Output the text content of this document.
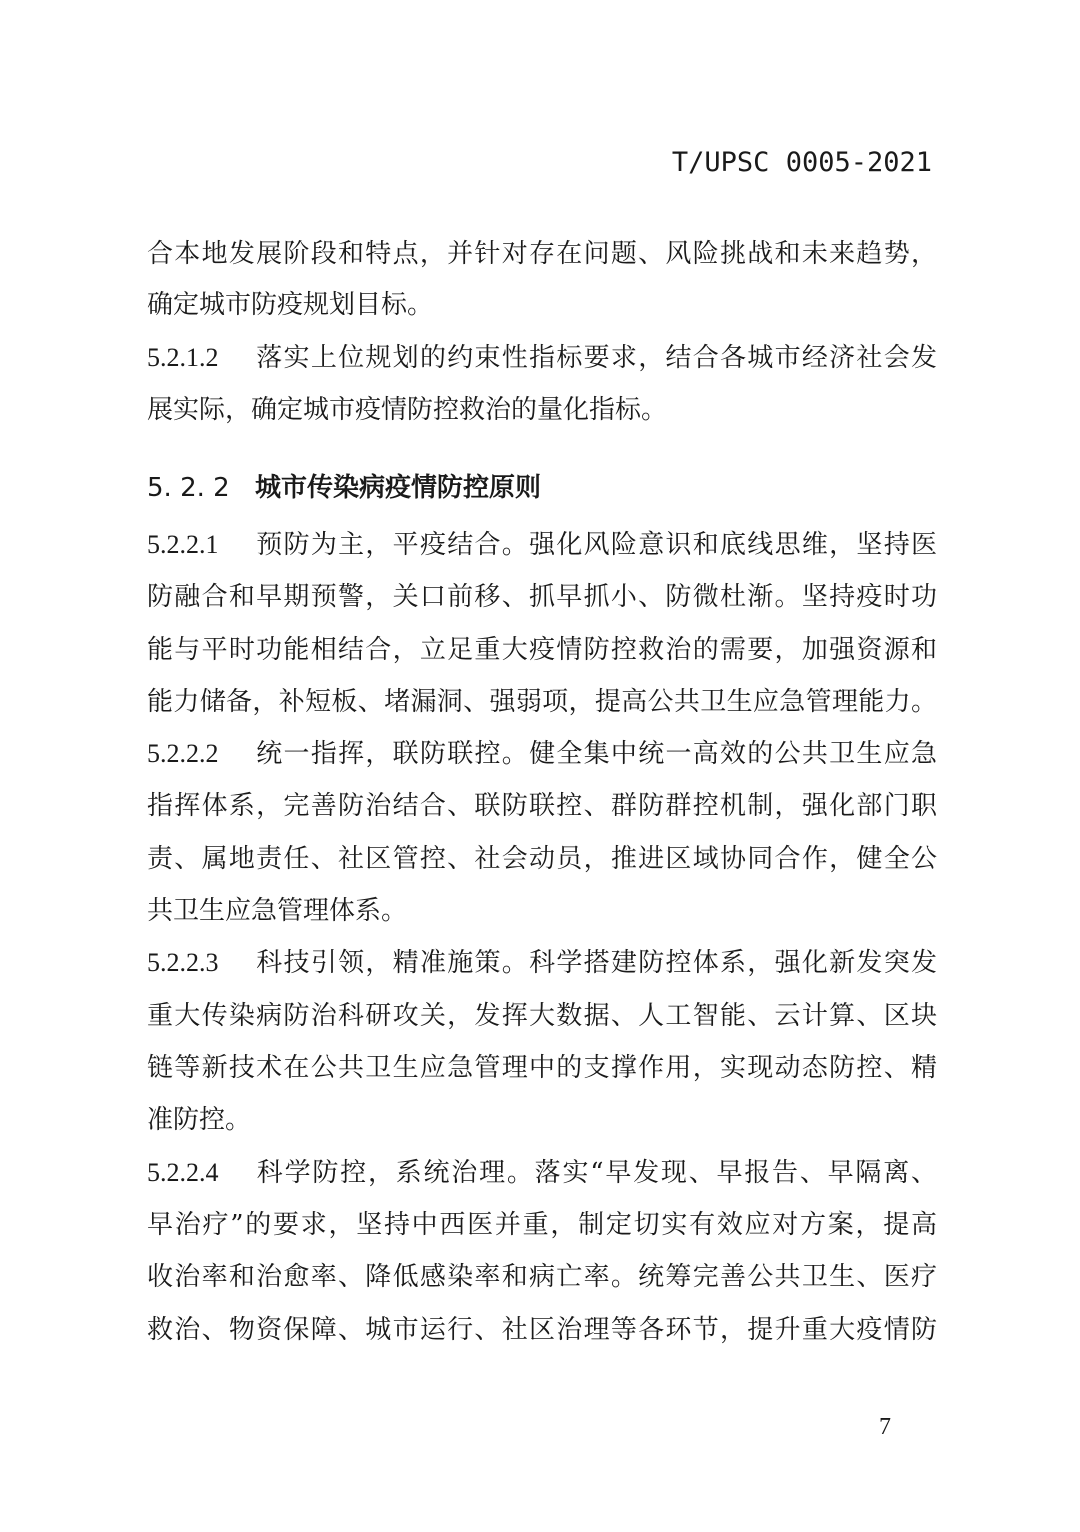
T/UPSC 0005-2021
合本地发展阶段和特点，并针对存在问题、风险挑战和未来趋势，
确定城市防疫规划目标。
5.2.1.2 落实上位规划的约束性指标要求，结合各城市经济社会发
展实际，确定城市疫情防控救治的量化指标。
5. 2. 2 城市传染病疫情防控原则
5.2.2.1 预防为主，平疫结合。强化风险意识和底线思维，坚持医
防融合和早期预警，关口前移、抓早抓小、防微杜渐。坚持疫时功
能与平时功能相结合，立足重大疫情防控救治的需要，加强资源和
能力储备，补短板、堵漏洞、强弱项，提高公共卫生应急管理能力。
5.2.2.2 统一指挥，联防联控。健全集中统一高效的公共卫生应急
指挥体系，完善防治结合、联防联控、群防群控机制，强化部门职
责、属地责任、社区管控、社会动员，推进区域协同合作，健全公
共卫生应急管理体系。
5.2.2.3 科技引领，精准施策。科学搭建防控体系，强化新发突发
重大传染病防治科研攻关，发挥大数据、人工智能、云计算、区块
链等新技术在公共卫生应急管理中的支撑作用，实现动态防控、精
准防控。
5.2.2.4 科学防控，系统治理。落实“早发现、早报告、早隔离、
早治疗”的要求，坚持中西医并重，制定切实有效应对方案，提高
收治率和治愈率、降低感染率和病亡率。统筹完善公共卫生、医疗
救治、物资保障、城市运行、社区治理等各环节，提升重大疫情防
7
